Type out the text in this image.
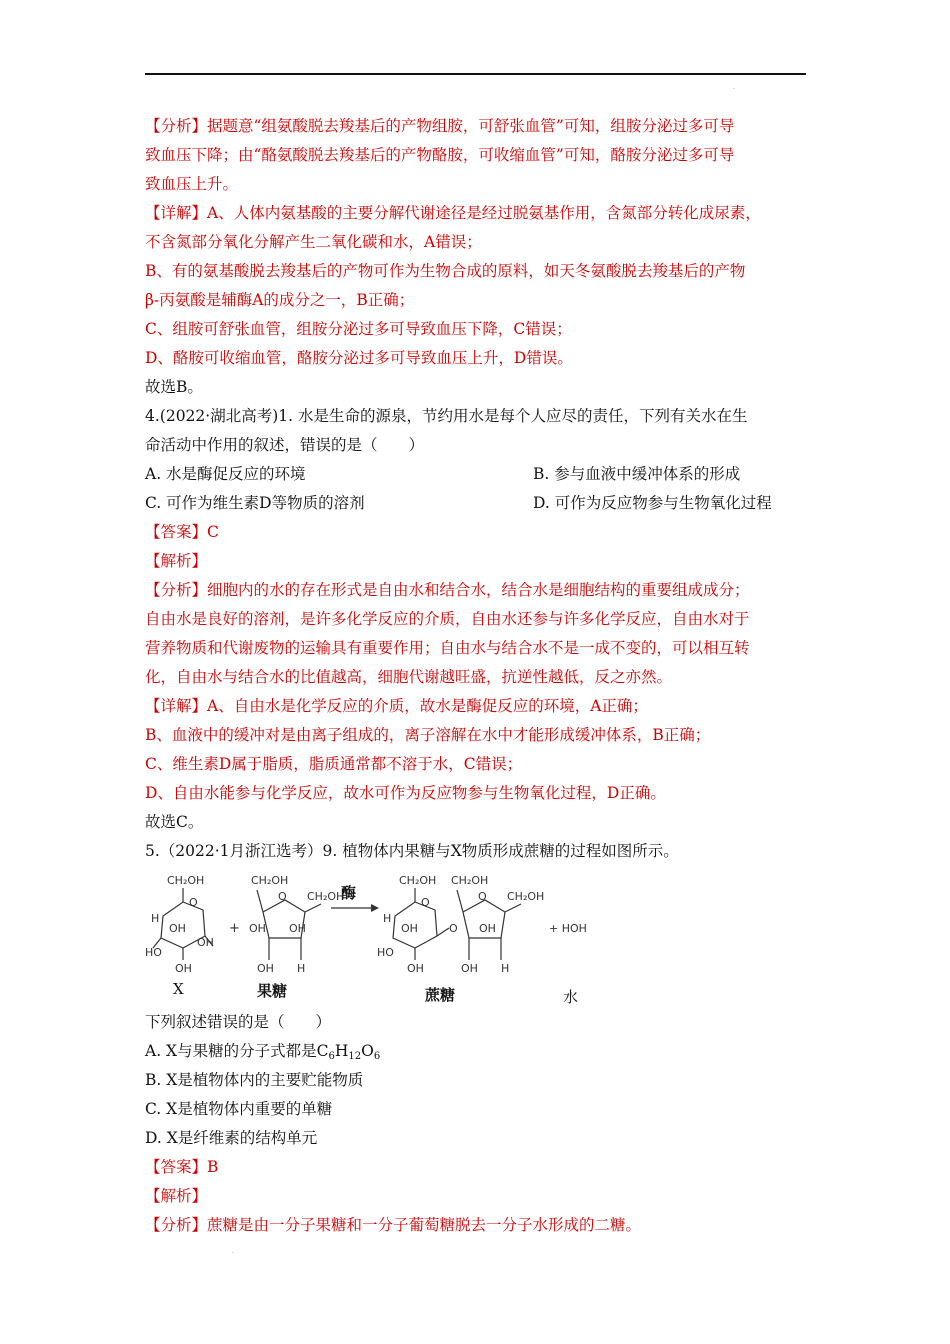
·
【分析】据题意“组氨酸脱去羧基后的产物组胺，可舒张血管”可知，组胺分泌过多可导
致血压下降；由“酪氨酸脱去羧基后的产物酪胺，可收缩血管”可知，酪胺分泌过多可导
致血压上升。
【详解】A、人体内氨基酸的主要分解代谢途径是经过脱氨基作用，含氮部分转化成尿素，
不含氮部分氧化分解产生二氧化碳和水，A错误；
B、有的氨基酸脱去羧基后的产物可作为生物合成的原料，如天冬氨酸脱去羧基后的产物
β-丙氨酸是辅酶A的成分之一，B正确；
C、组胺可舒张血管，组胺分泌过多可导致血压下降，C错误；
D、酪胺可收缩血管，酪胺分泌过多可导致血压上升，D错误。
故选B。
4.(2022·湖北高考)1. 水是生命的源泉，节约用水是每个人应尽的责任，下列有关水在生
命活动中作用的叙述，错误的是（　　）
A. 水是酶促反应的环境	B. 参与血液中缓冲体系的形成
C. 可作为维生素D等物质的溶剂	D. 可作为反应物参与生物氧化过程
【答案】C
【解析】
【分析】细胞内的水的存在形式是自由水和结合水，结合水是细胞结构的重要组成成分；
自由水是良好的溶剂，是许多化学反应的介质，自由水还参与许多化学反应，自由水对于
营养物质和代谢废物的运输具有重要作用；自由水与结合水不是一成不变的，可以相互转
化，自由水与结合水的比值越高，细胞代谢越旺盛，抗逆性越低，反之亦然。
【详解】A、自由水是化学反应的介质，故水是酶促反应的环境，A正确；
B、血液中的缓冲对是由离子组成的，离子溶解在水中才能形成缓冲体系，B正确；
C、维生素D属于脂质，脂质通常都不溶于水，C错误；
D、自由水能参与化学反应，故水可作为反应物参与生物氧化过程，D正确。
故选C。
5.（2022·1月浙江选考）9. 植物体内果糖与X物质形成蔗糖的过程如图所示。
CH₂OH
O
H
OH
HO
OH
OH
+
CH₂OH
O CH₂OH
OH OH
OH H
酶
CH₂OH
O
H
OH
HO
OH
O
CH₂OH
O CH₂OH
OH
OH H
+ HOH
X	果糖	蔗糖	水
下列叙述错误的是（　　）
A. X与果糖的分子式都是$C_6H_{12}O_6$
B. X是植物体内的主要贮能物质
C. X是植物体内重要的单糖
D. X是纤维素的结构单元
【答案】B
【解析】
【分析】蔗糖是由一分子果糖和一分子葡萄糖脱去一分子水形成的二糖。
·
